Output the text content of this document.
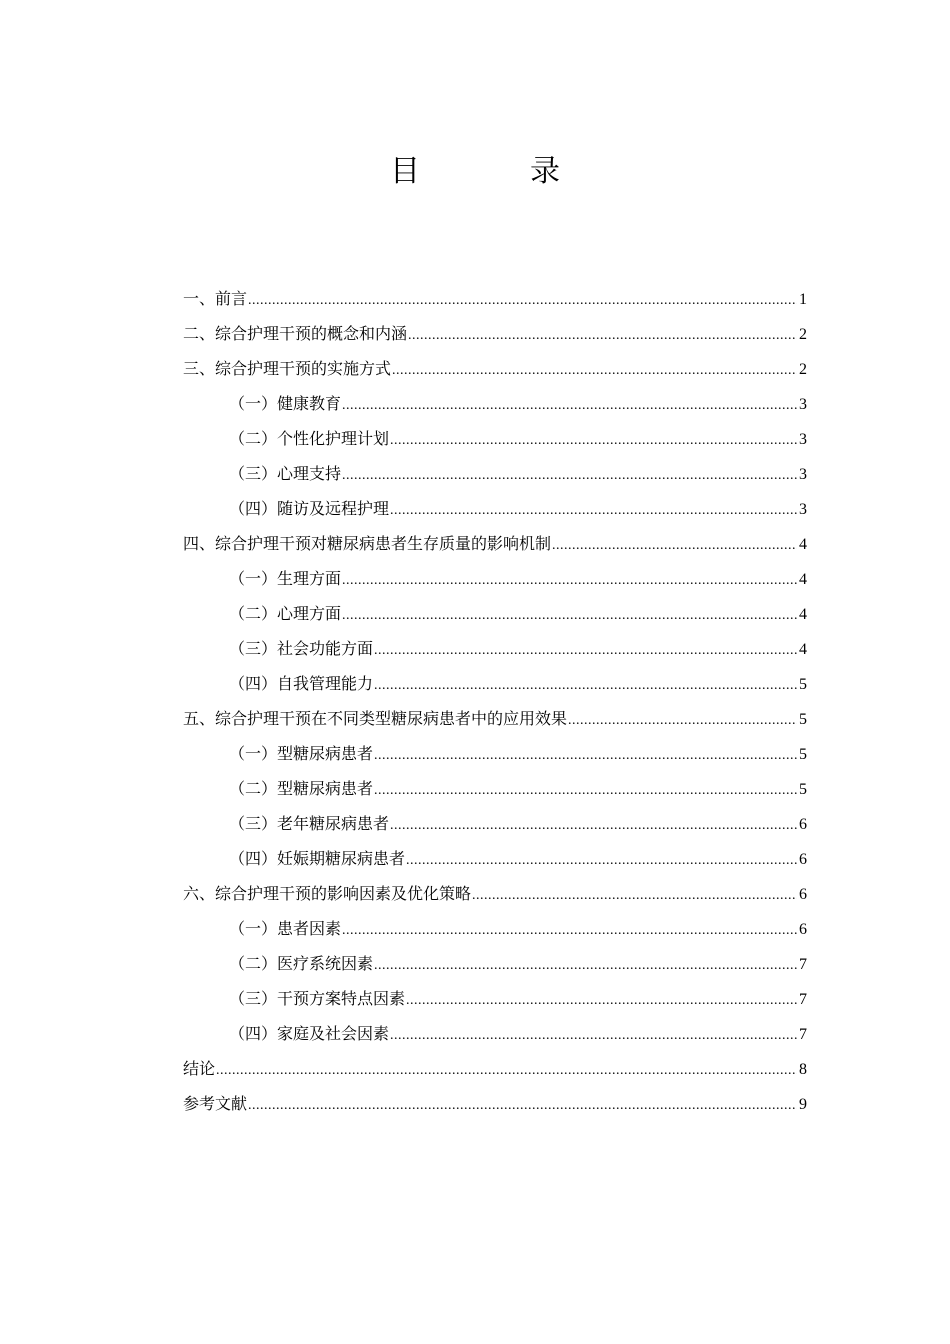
目　录
一、前言 .....	1
二、综合护理干预的概念和内涵 .....	2
三、综合护理干预的实施方式 .....	2
（一）健康教育 .....	3
（二）个性化护理计划 .....	3
（三）心理支持 .....	3
（四）随访及远程护理 .....	3
四、综合护理干预对糖尿病患者生存质量的影响机制 .....	4
（一）生理方面 .....	4
（二）心理方面 .....	4
（三）社会功能方面 .....	4
（四）自我管理能力 .....	5
五、综合护理干预在不同类型糖尿病患者中的应用效果 .....	5
（一）型糖尿病患者 .....	5
（二）型糖尿病患者 .....	5
（三）老年糖尿病患者 .....	6
（四）妊娠期糖尿病患者 .....	6
六、综合护理干预的影响因素及优化策略 .....	6
（一）患者因素 .....	6
（二）医疗系统因素 .....	7
（三）干预方案特点因素 .....	7
（四）家庭及社会因素 .....	7
结论 .....	8
参考文献 .....	9
